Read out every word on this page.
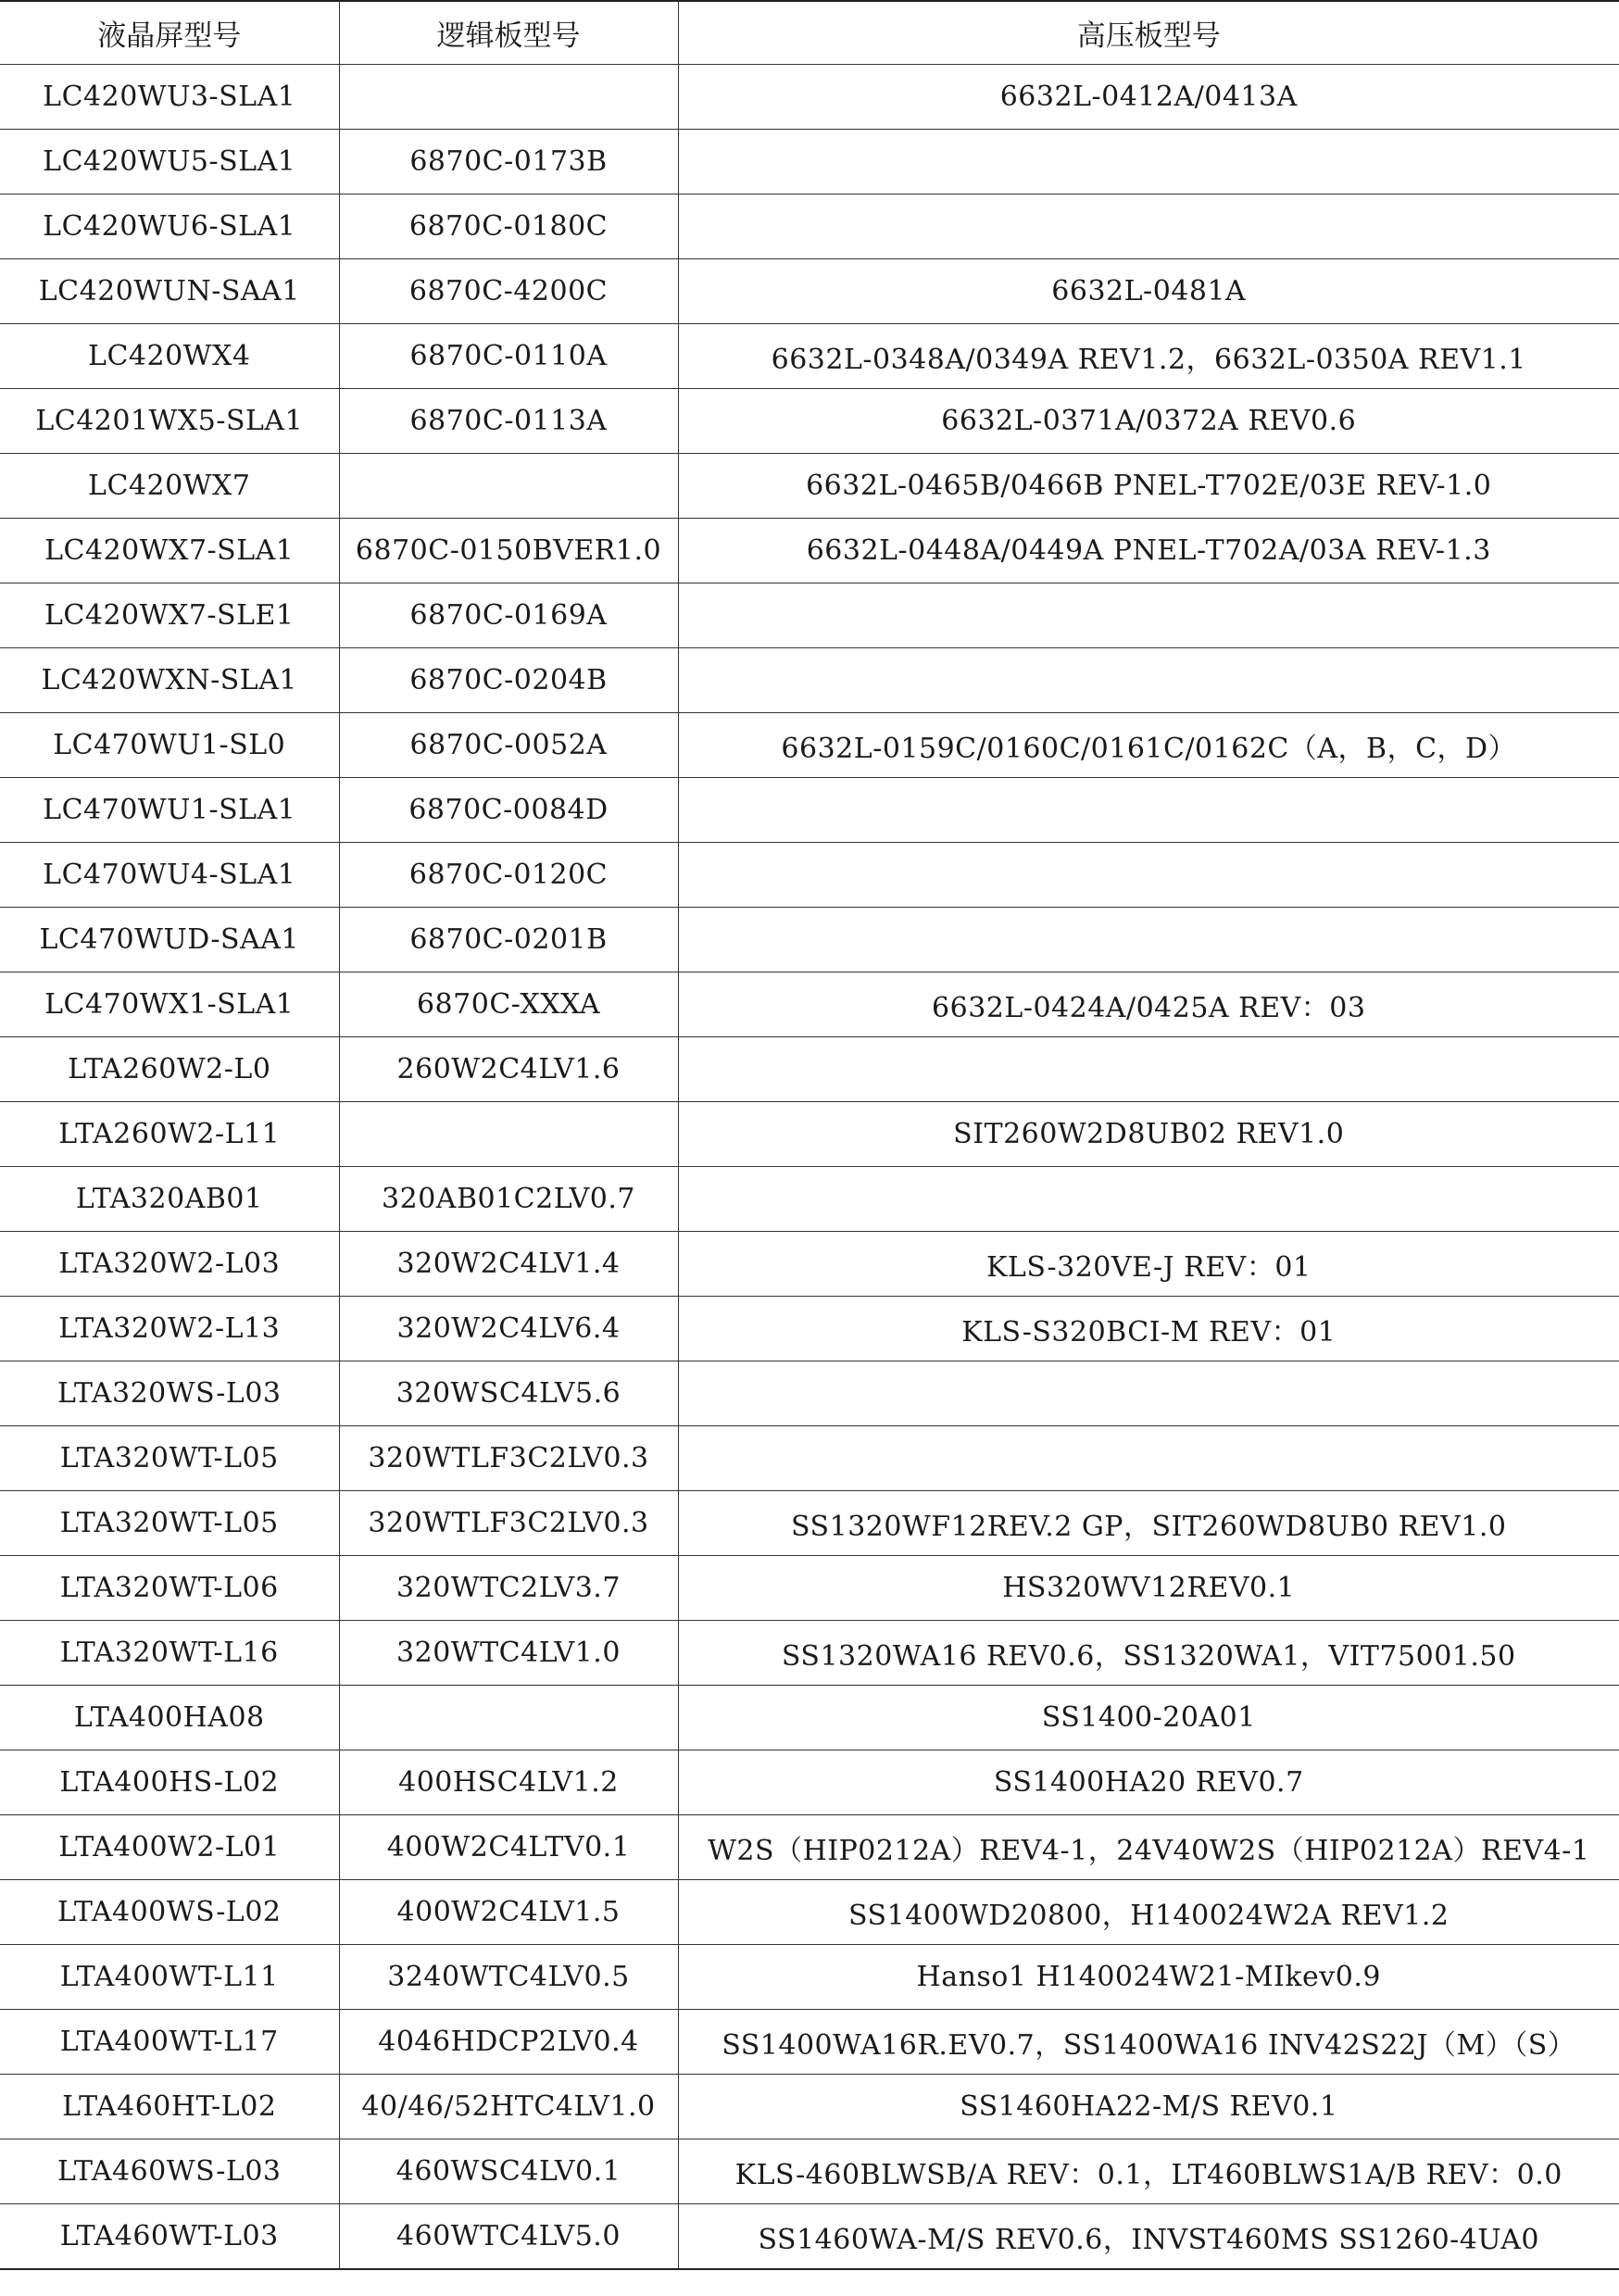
液晶屏型号	逻辑板型号	高压板型号
LC420WU3-SLA1		6632L-0412A/0413A
LC420WU5-SLA1	6870C-0173B	
LC420WU6-SLA1	6870C-0180C	
LC420WUN-SAA1	6870C-4200C	6632L-0481A
LC420WX4	6870C-0110A	6632L-0348A/0349A REV1.2，6632L-0350A REV1.1
LC4201WX5-SLA1	6870C-0113A	6632L-0371A/0372A REV0.6
LC420WX7		6632L-0465B/0466B PNEL-T702E/03E REV-1.0
LC420WX7-SLA1	6870C-0150BVER1.0	6632L-0448A/0449A PNEL-T702A/03A REV-1.3
LC420WX7-SLE1	6870C-0169A	
LC420WXN-SLA1	6870C-0204B	
LC470WU1-SL0	6870C-0052A	6632L-0159C/0160C/0161C/0162C（A，B，C，D）
LC470WU1-SLA1	6870C-0084D	
LC470WU4-SLA1	6870C-0120C	
LC470WUD-SAA1	6870C-0201B	
LC470WX1-SLA1	6870C-XXXA	6632L-0424A/0425A REV：03
LTA260W2-L0	260W2C4LV1.6	
LTA260W2-L11		SIT260W2D8UB02 REV1.0
LTA320AB01	320AB01C2LV0.7	
LTA320W2-L03	320W2C4LV1.4	KLS-320VE-J REV：01
LTA320W2-L13	320W2C4LV6.4	KLS-S320BCI-M REV：01
LTA320WS-L03	320WSC4LV5.6	
LTA320WT-L05	320WTLF3C2LV0.3	
LTA320WT-L05	320WTLF3C2LV0.3	SS1320WF12REV.2 GP，SIT260WD8UB0 REV1.0
LTA320WT-L06	320WTC2LV3.7	HS320WV12REV0.1
LTA320WT-L16	320WTC4LV1.0	SS1320WA16 REV0.6，SS1320WA1，VIT75001.50
LTA400HA08		SS1400-20A01
LTA400HS-L02	400HSC4LV1.2	SS1400HA20 REV0.7
LTA400W2-L01	400W2C4LTV0.1	W2S（HIP0212A）REV4-1，24V40W2S（HIP0212A）REV4-1
LTA400WS-L02	400W2C4LV1.5	SS1400WD20800，H140024W2A REV1.2
LTA400WT-L11	3240WTC4LV0.5	Hanso1 H140024W21-MIkev0.9
LTA400WT-L17	4046HDCP2LV0.4	SS1400WA16R.EV0.7，SS1400WA16 INV42S22J（M）（S）
LTA460HT-L02	40/46/52HTC4LV1.0	SS1460HA22-M/S REV0.1
LTA460WS-L03	460WSC4LV0.1	KLS-460BLWSB/A REV：0.1，LT460BLWS1A/B REV：0.0
LTA460WT-L03	460WTC4LV5.0	SS1460WA-M/S REV0.6，INVST460MS SS1260-4UA0
